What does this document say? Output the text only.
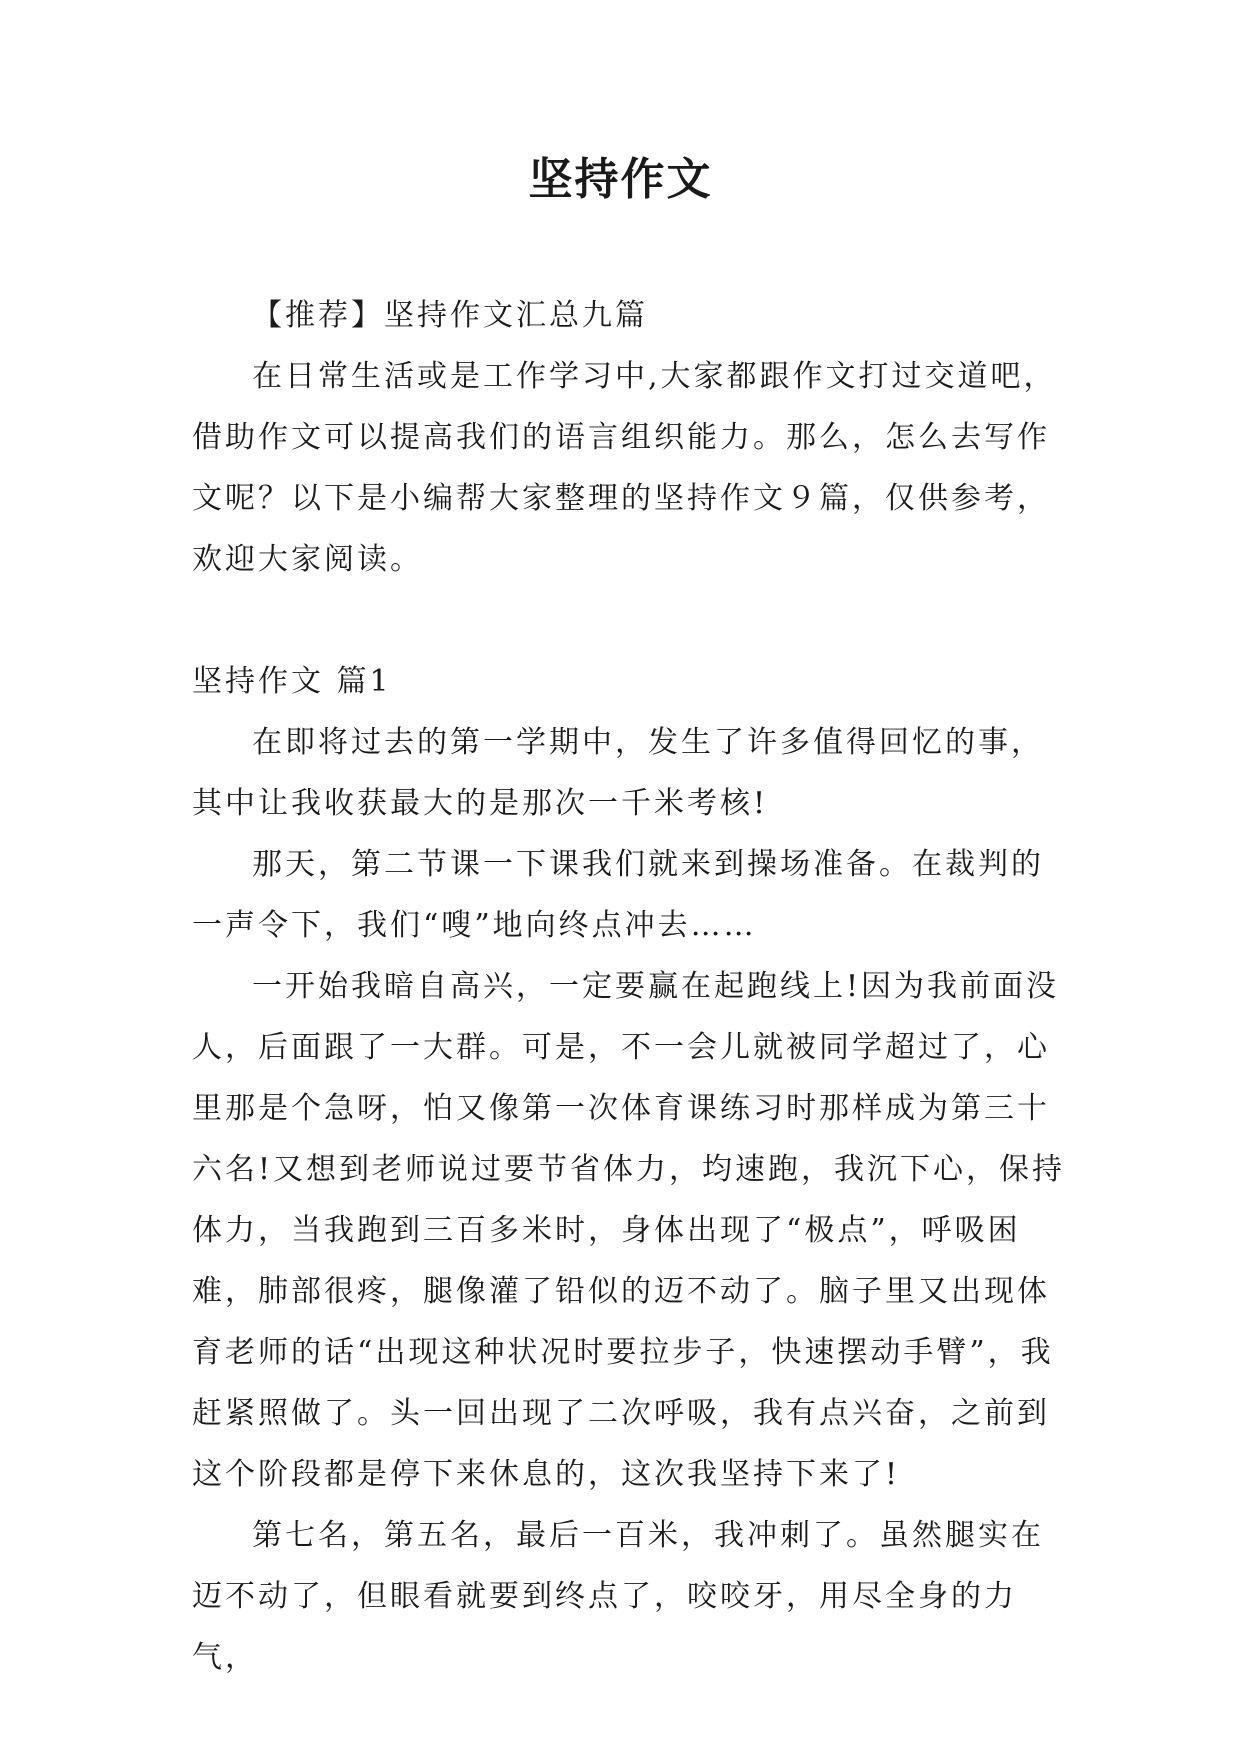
坚持作文

【推荐】坚持作文汇总九篇

在日常生活或是工作学习中,大家都跟作文打过交道吧，借助作文可以提高我们的语言组织能力。那么，怎么去写作文呢？以下是小编帮大家整理的坚持作文９篇，仅供参考，欢迎大家阅读。

坚持作文 篇1

在即将过去的第一学期中，发生了许多值得回忆的事，其中让我收获最大的是那次一千米考核!

那天，第二节课一下课我们就来到操场准备。在裁判的一声令下，我们“嗖”地向终点冲去……

一开始我暗自高兴，一定要赢在起跑线上!因为我前面没人，后面跟了一大群。可是，不一会儿就被同学超过了，心里那是个急呀，怕又像第一次体育课练习时那样成为第三十六名!又想到老师说过要节省体力，均速跑，我沉下心，保持体力，当我跑到三百多米时，身体出现了“极点”，呼吸困难，肺部很疼，腿像灌了铅似的迈不动了。脑子里又出现体育老师的话“出现这种状况时要拉步子，快速摆动手臂”，我赶紧照做了。头一回出现了二次呼吸，我有点兴奋，之前到这个阶段都是停下来休息的，这次我坚持下来了!

第七名，第五名，最后一百米，我冲刺了。虽然腿实在迈不动了，但眼看就要到终点了，咬咬牙，用尽全身的力气，
